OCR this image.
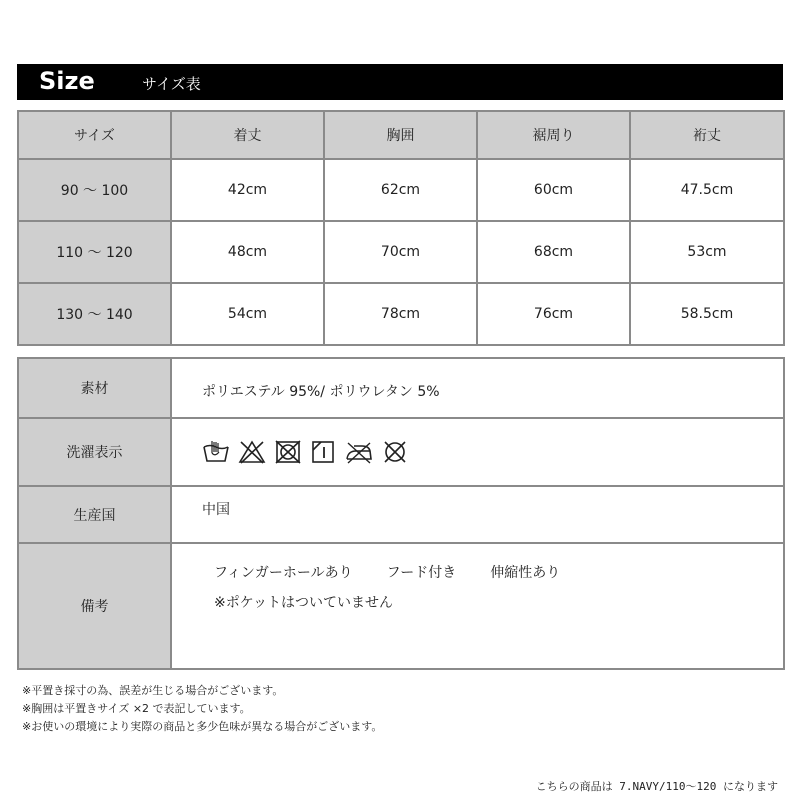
Size	サイズ表
サイズ	着丈	胸囲	裾周り	裄丈
90 〜 100	42cm	62cm	60cm	47.5cm
110 〜 120	48cm	70cm	68cm	53cm
130 〜 140	54cm	78cm	76cm	58.5cm
素材	ポリエステル 95%/ ポリウレタン 5%
洗濯表示	

生産国	中国
備考	フィンガーホールあり フード付き 伸縮性あり
※ポケットはついていません
※平置き採寸の為、誤差が生じる場合がございます。
※胸囲は平置きサイズ ×2 で表記しています。
※お使いの環境により実際の商品と多少色味が異なる場合がございます。
こちらの商品は 7.NAVY/110〜120 になります
